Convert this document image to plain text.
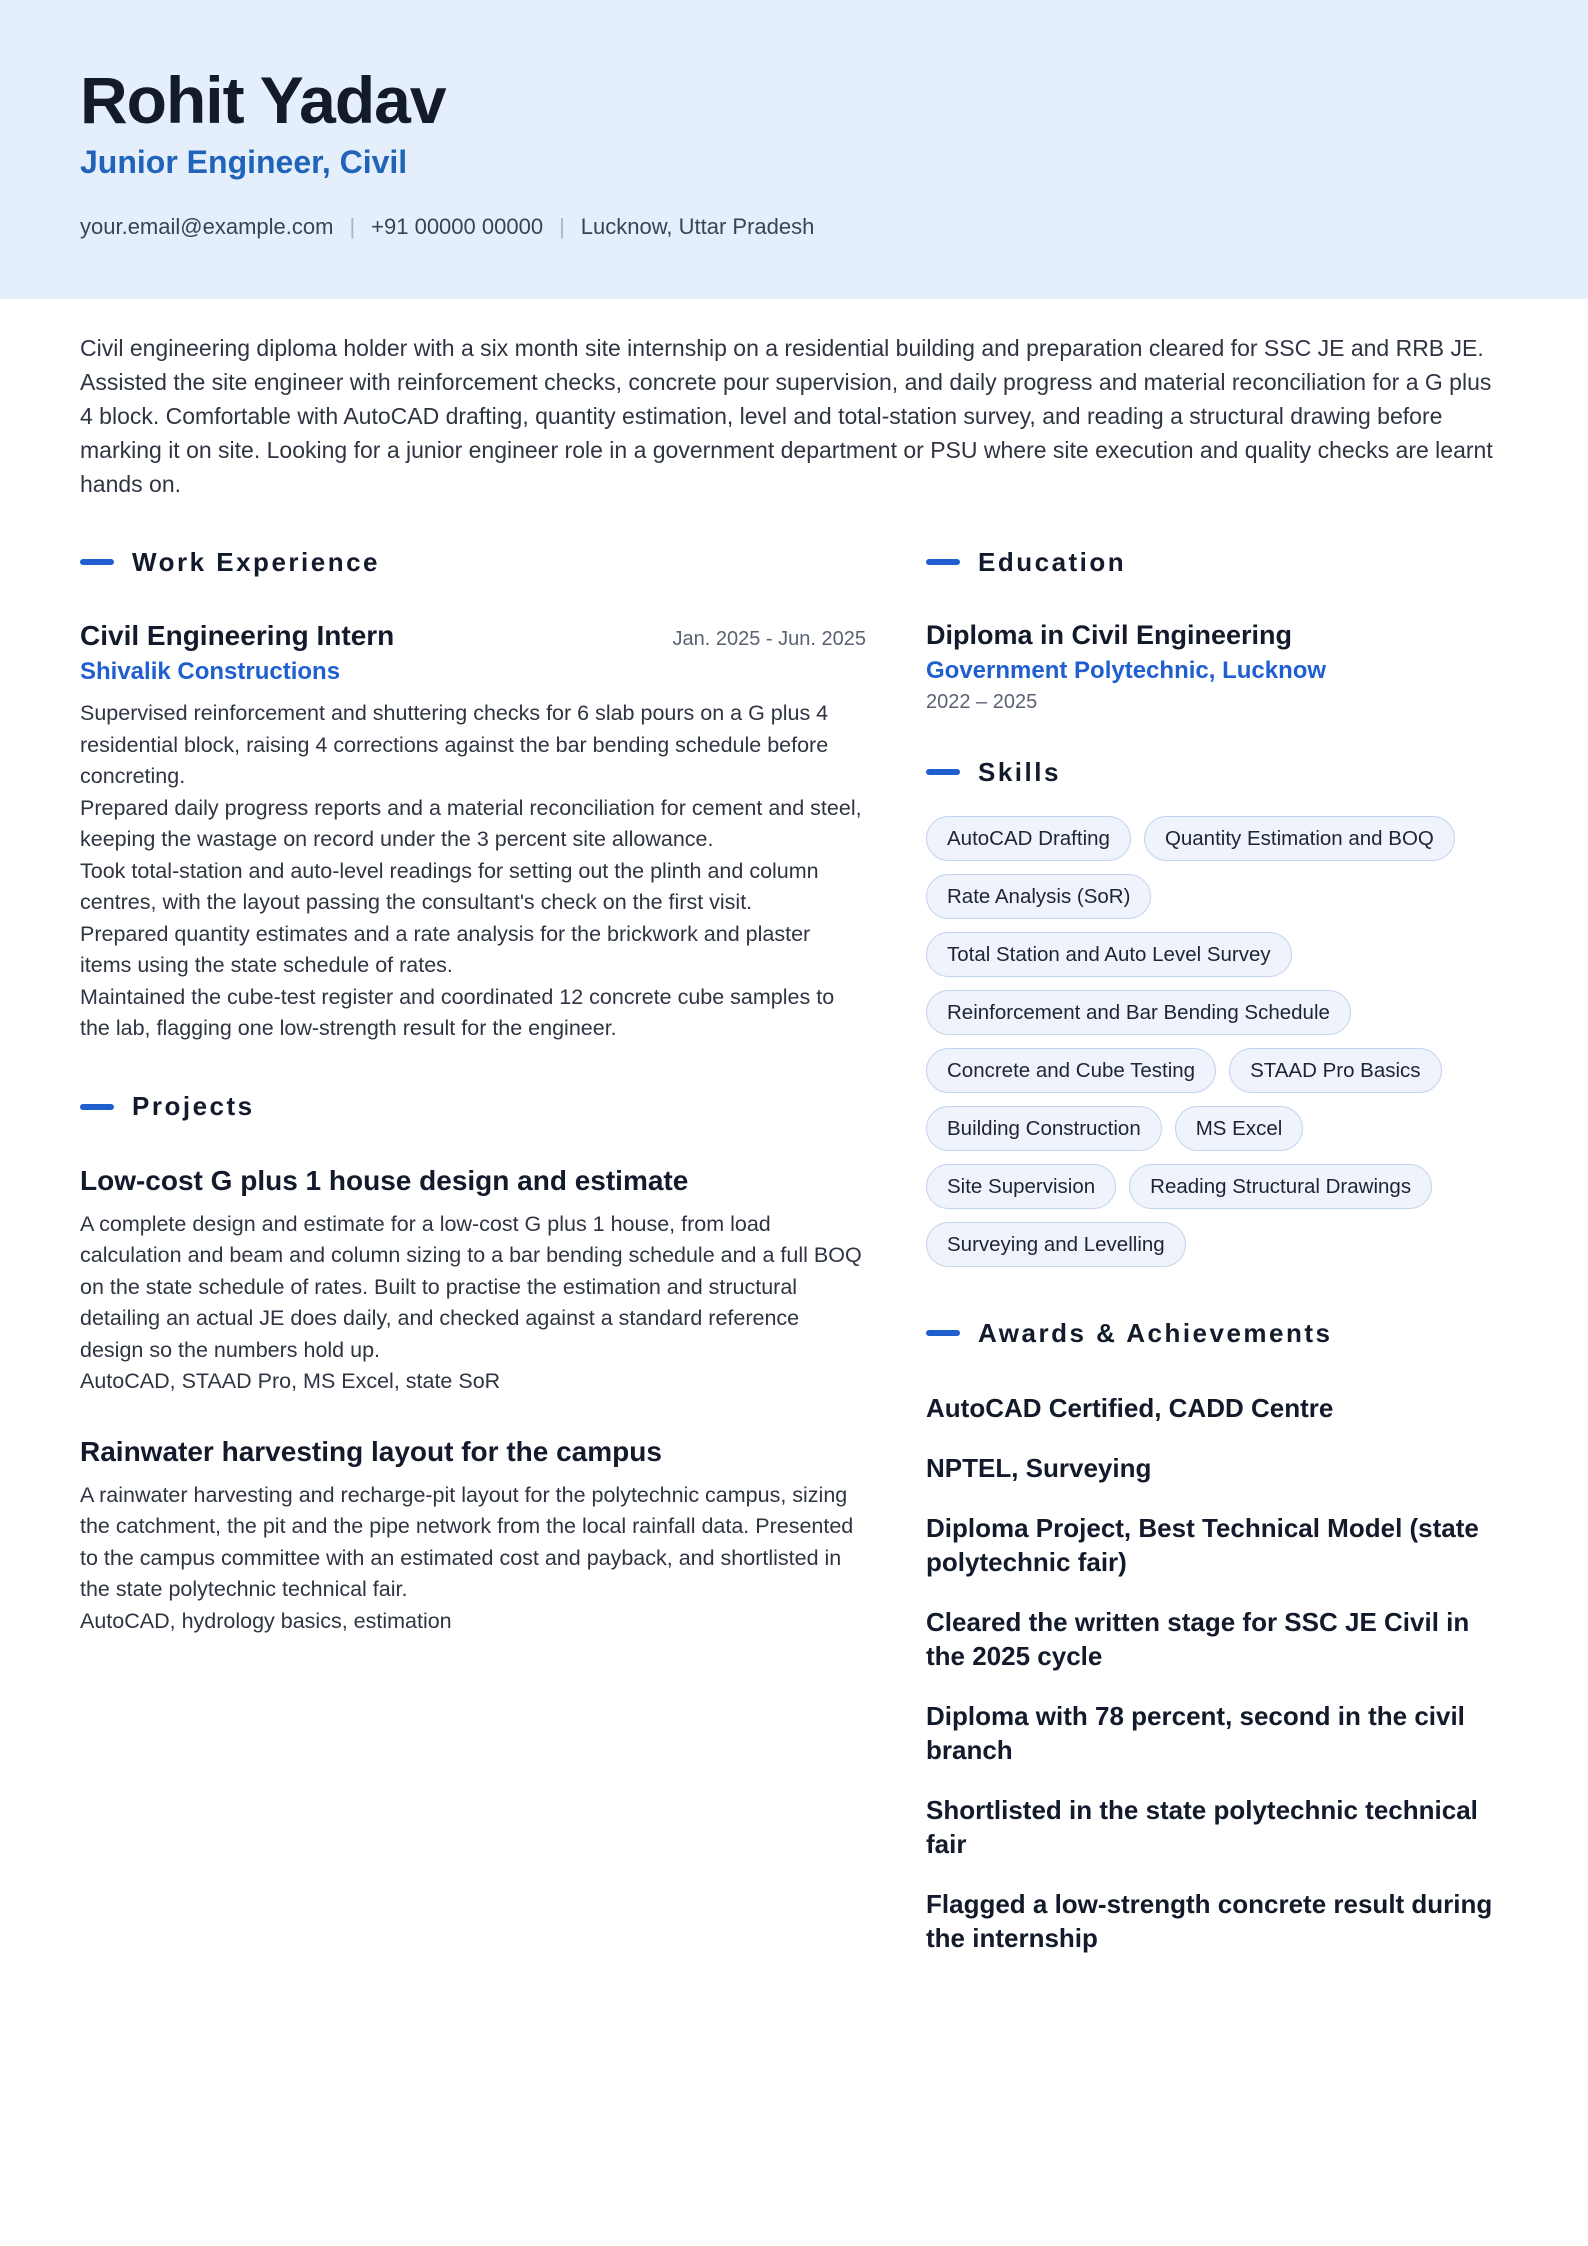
Rohit Yadav
Junior Engineer, Civil
your.email@example.com | +91 00000 00000 | Lucknow, Uttar Pradesh
Civil engineering diploma holder with a six month site internship on a residential building and preparation cleared for SSC JE and RRB JE. Assisted the site engineer with reinforcement checks, concrete pour supervision, and daily progress and material reconciliation for a G plus 4 block. Comfortable with AutoCAD drafting, quantity estimation, level and total-station survey, and reading a structural drawing before marking it on site. Looking for a junior engineer role in a government department or PSU where site execution and quality checks are learnt hands on.
Work Experience
Civil Engineering Intern	Jan. 2025 - Jun. 2025
Shivalik Constructions
Supervised reinforcement and shuttering checks for 6 slab pours on a G plus 4 residential block, raising 4 corrections against the bar bending schedule before concreting.
Prepared daily progress reports and a material reconciliation for cement and steel, keeping the wastage on record under the 3 percent site allowance.
Took total-station and auto-level readings for setting out the plinth and column centres, with the layout passing the consultant's check on the first visit.
Prepared quantity estimates and a rate analysis for the brickwork and plaster items using the state schedule of rates.
Maintained the cube-test register and coordinated 12 concrete cube samples to the lab, flagging one low-strength result for the engineer.
Projects
Low-cost G plus 1 house design and estimate
A complete design and estimate for a low-cost G plus 1 house, from load calculation and beam and column sizing to a bar bending schedule and a full BOQ on the state schedule of rates. Built to practise the estimation and structural detailing an actual JE does daily, and checked against a standard reference design so the numbers hold up.
AutoCAD, STAAD Pro, MS Excel, state SoR
Rainwater harvesting layout for the campus
A rainwater harvesting and recharge-pit layout for the polytechnic campus, sizing the catchment, the pit and the pipe network from the local rainfall data. Presented to the campus committee with an estimated cost and payback, and shortlisted in the state polytechnic technical fair.
AutoCAD, hydrology basics, estimation
Education
Diploma in Civil Engineering
Government Polytechnic, Lucknow
2022 – 2025
Skills
AutoCAD Drafting	Quantity Estimation and BOQ
Rate Analysis (SoR)
Total Station and Auto Level Survey
Reinforcement and Bar Bending Schedule
Concrete and Cube Testing	STAAD Pro Basics
Building Construction	MS Excel
Site Supervision	Reading Structural Drawings
Surveying and Levelling
Awards & Achievements
AutoCAD Certified, CADD Centre
NPTEL, Surveying
Diploma Project, Best Technical Model (state polytechnic fair)
Cleared the written stage for SSC JE Civil in the 2025 cycle
Diploma with 78 percent, second in the civil branch
Shortlisted in the state polytechnic technical fair
Flagged a low-strength concrete result during the internship
